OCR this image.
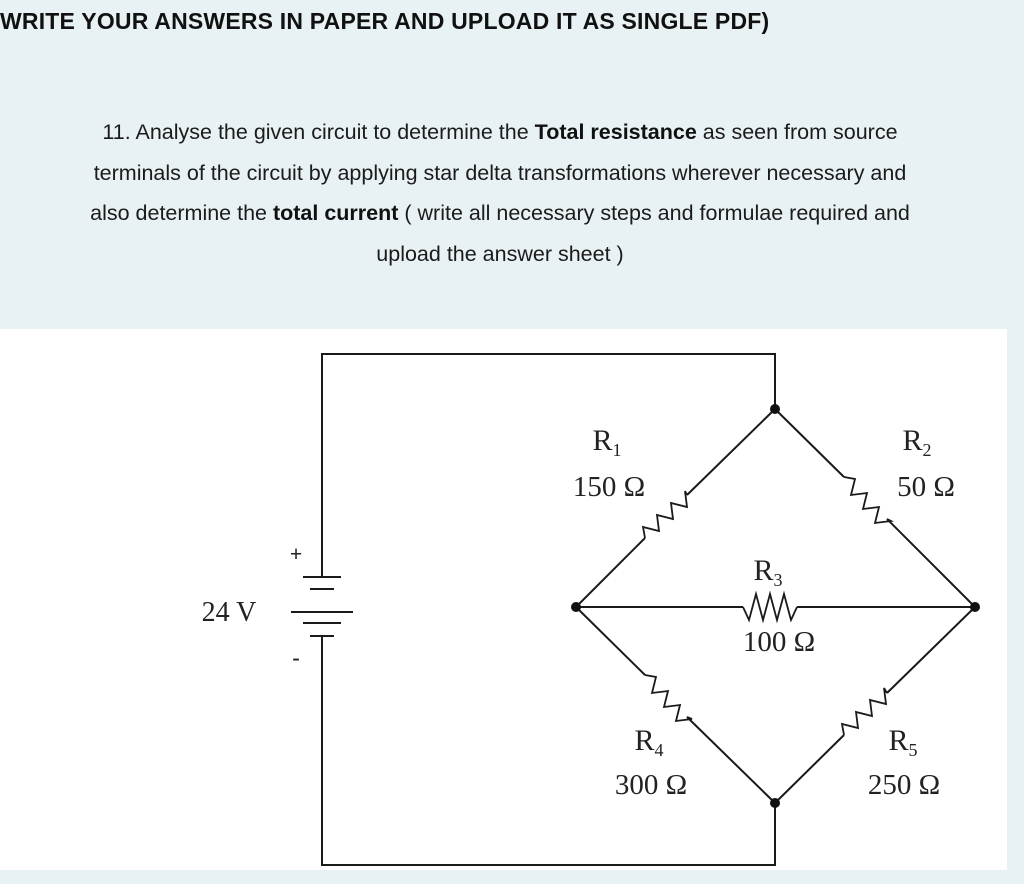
WRITE YOUR ANSWERS IN PAPER AND UPLOAD IT AS SINGLE PDF)
11. Analyse the given circuit to determine the Total resistance as seen from source
terminals of the circuit by applying star delta transformations wherever necessary and
also determine the total current ( write all necessary steps and formulae required and
upload the answer sheet )
+
-
24 V
$R_1$
150 Ω
$R_2$
50 Ω
$R_3$
100 Ω
$R_4$
300 Ω
$R_5$
250 Ω
